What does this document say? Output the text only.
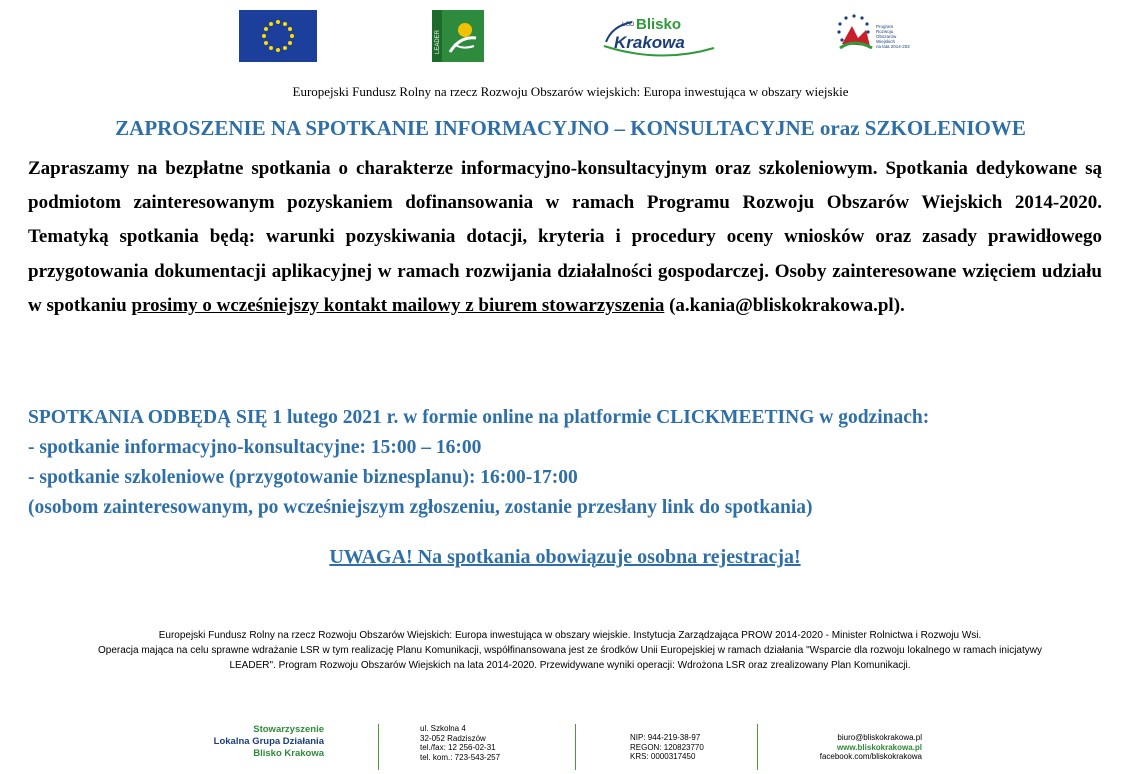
LEADER
LGD Blisko
Krakowa
Program Rozwoju Obszarów Wiejskich na lata 2014-2020
Europejski Fundusz Rolny na rzecz Rozwoju Obszarów wiejskich: Europa inwestująca w obszary wiejskie
ZAPROSZENIE NA SPOTKANIE INFORMACYJNO – KONSULTACYJNE oraz SZKOLENIOWE
Zapraszamy na bezpłatne spotkania o charakterze informacyjno-konsultacyjnym oraz szkoleniowym. Spotkania dedykowane są podmiotom zainteresowanym pozyskaniem dofinansowania w ramach Programu Rozwoju Obszarów Wiejskich 2014-2020. Tematyką spotkania będą: warunki pozyskiwania dotacji, kryteria i procedury oceny wniosków oraz zasady prawidłowego przygotowania dokumentacji aplikacyjnej w ramach rozwijania działalności gospodarczej. Osoby zainteresowane wzięciem udziału w spotkaniu prosimy o wcześniejszy kontakt mailowy z biurem stowarzyszenia (a.kania@bliskokrakowa.pl).
SPOTKANIA ODBĘDĄ SIĘ 1 lutego 2021 r. w formie online na platformie CLICKMEETING w godzinach:
- spotkanie informacyjno-konsultacyjne: 15:00 – 16:00
- spotkanie szkoleniowe (przygotowanie biznesplanu): 16:00-17:00
(osobom zainteresowanym, po wcześniejszym zgłoszeniu, zostanie przesłany link do spotkania)
UWAGA! Na spotkania obowiązuje osobna rejestracja!
Europejski Fundusz Rolny na rzecz Rozwoju Obszarów Wiejskich: Europa inwestująca w obszary wiejskie. Instytucja Zarządzająca PROW 2014-2020 - Minister Rolnictwa i Rozwoju Wsi.
Operacja mająca na celu sprawne wdrażanie LSR w tym realizację Planu Komunikacji, współfinansowana jest ze środków Unii Europejskiej w ramach działania "Wsparcie dla rozwoju lokalnego w ramach inicjatywy
LEADER". Program Rozwoju Obszarów Wiejskich na lata 2014-2020. Przewidywane wyniki operacji: Wdrożona LSR oraz zrealizowany Plan Komunikacji.
Stowarzyszenie
Lokalna Grupa Działania
Blisko Krakowa
ul. Szkolna 4
32-052 Radziszów
tel./fax: 12 256-02-31
tel. kom.: 723-543-257
NIP: 944-219-38-97
REGON: 120823770
KRS: 0000317450
biuro@bliskokrakowa.pl
www.bliskokrakowa.pl
facebook.com/bliskokrakowa
